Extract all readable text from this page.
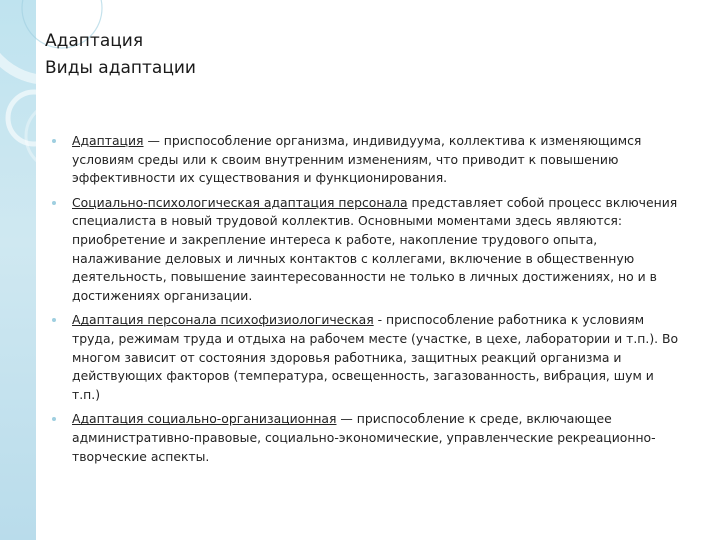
Адаптация
Виды адаптации
Адаптация — приспособление организма, индивидуума, коллектива к изменяющимся условиям среды или к своим внутренним изменениям, что приводит к повышению эффективности их существования и функционирования.
Социально-психологическая адаптация персонала представляет собой процесс включения специалиста в новый трудовой коллектив. Основными моментами здесь являются: приобретение и закрепление интереса к работе, накопление трудового опыта, налаживание деловых и личных контактов с коллегами, включение в общественную деятельность, повышение заинтересованности не только в личных достижениях, но и в достижениях организации.
Адаптация персонала психофизиологическая - приспособление работника к условиям труда, режимам труда и отдыха на рабочем месте (участке, в цехе, лаборатории и т.п.). Во многом зависит от состояния здоровья работника, защитных реакций организма и действующих факторов (температура, освещенность, загазованность, вибрация, шум и т.п.)
Адаптация социально-организационная — приспособление к среде, включающее административно-правовые, социально-экономические, управленческие рекреационно-творческие аспекты.
